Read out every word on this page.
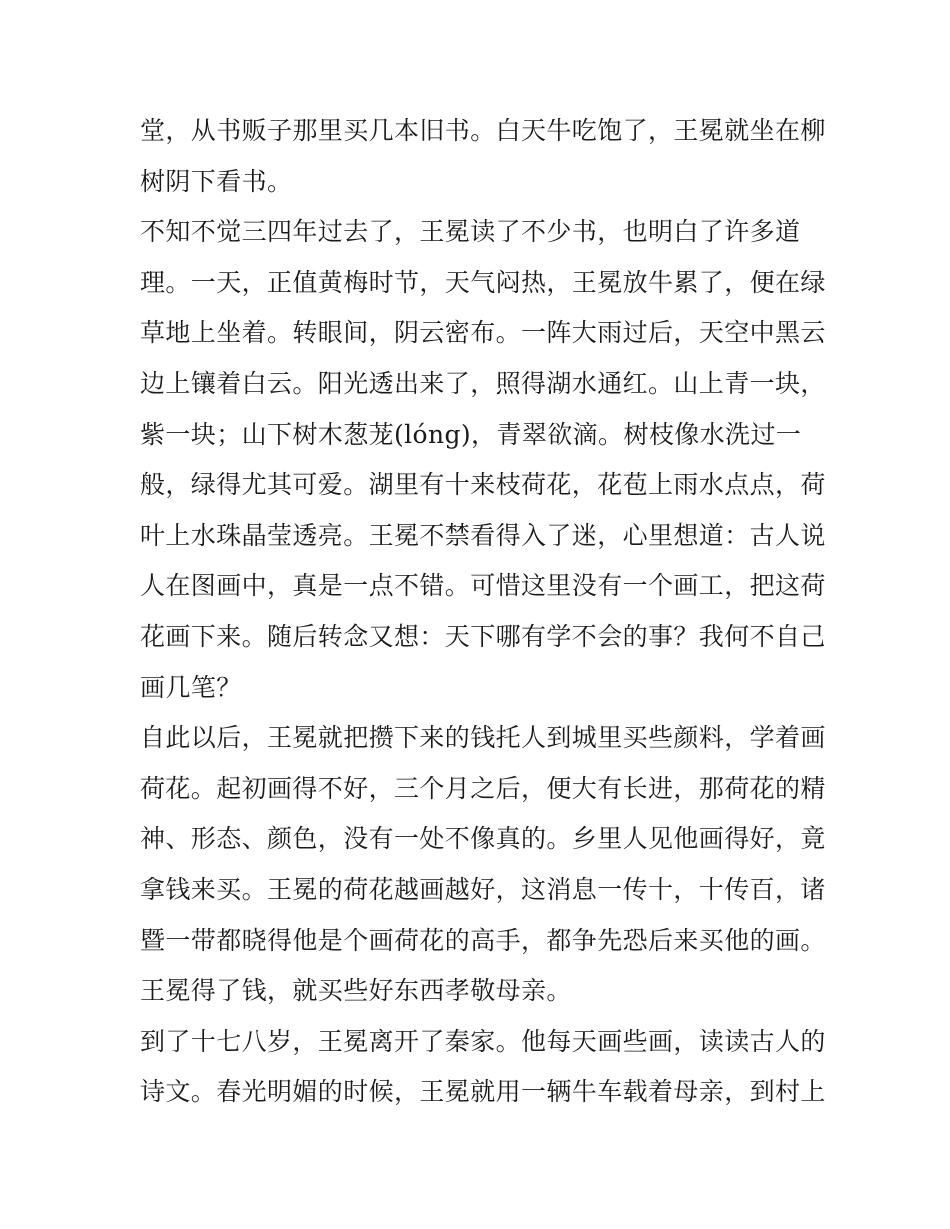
堂，从书贩子那里买几本旧书。白天牛吃饱了，王冕就坐在柳
树阴下看书。
不知不觉三四年过去了，王冕读了不少书，也明白了许多道
理。一天，正值黄梅时节，天气闷热，王冕放牛累了，便在绿
草地上坐着。转眼间，阴云密布。一阵大雨过后，天空中黑云
边上镶着白云。阳光透出来了，照得湖水通红。山上青一块，
紫一块；山下树木葱茏(lóng)，青翠欲滴。树枝像水洗过一
般，绿得尤其可爱。湖里有十来枝荷花，花苞上雨水点点，荷
叶上水珠晶莹透亮。王冕不禁看得入了迷，心里想道：古人说
人在图画中，真是一点不错。可惜这里没有一个画工，把这荷
花画下来。随后转念又想：天下哪有学不会的事？我何不自己
画几笔？
自此以后，王冕就把攒下来的钱托人到城里买些颜料，学着画
荷花。起初画得不好，三个月之后，便大有长进，那荷花的精
神、形态、颜色，没有一处不像真的。乡里人见他画得好，竟
拿钱来买。王冕的荷花越画越好，这消息一传十，十传百，诸
暨一带都晓得他是个画荷花的高手，都争先恐后来买他的画。
王冕得了钱，就买些好东西孝敬母亲。
到了十七八岁，王冕离开了秦家。他每天画些画，读读古人的
诗文。春光明媚的时候，王冕就用一辆牛车载着母亲，到村上
